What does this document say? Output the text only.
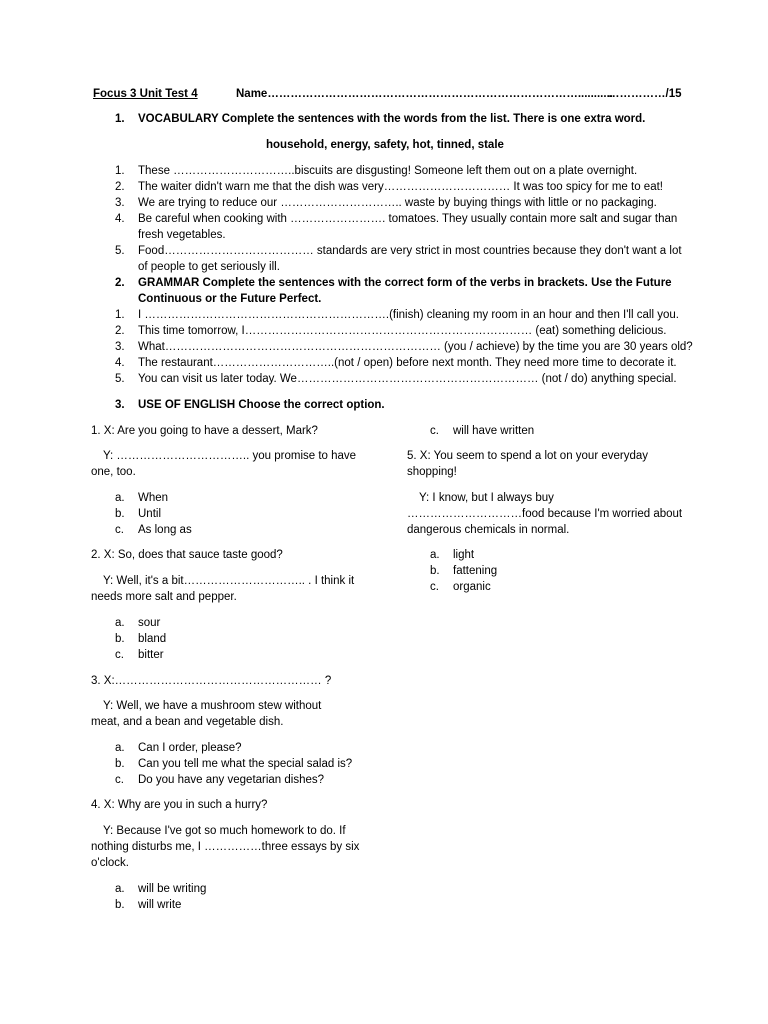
Focus 3 Unit Test 4	Name………………………………………………………………………...........
……………/15
1. VOCABULARY Complete the sentences with the words from the list. There is one extra word.
household, energy, safety, hot, tinned, stale
1. These …………………………..biscuits are disgusting! Someone left them out on a plate overnight.
2. The waiter didn't warn me that the dish was very…………………………… It was too spicy for me to eat!
3. We are trying to reduce our ………………………….. waste by buying things with little or no packaging.
4. Be careful when cooking with ……………………. tomatoes. They usually contain more salt and sugar than
fresh vegetables.
5. Food………………………………… standards are very strict in most countries because they don't want a lot
of people to get seriously ill.
2. GRAMMAR Complete the sentences with the correct form of the verbs in brackets. Use the Future
Continuous or the Future Perfect.
1. I ……………………………………………………….(finish) cleaning my room in an hour and then I'll call you.
2. This time tomorrow, I………………………………………………………………… (eat) something delicious.
3. What……………………………………………………………… (you / achieve) by the time you are 30 years old?
4. The restaurant…………………………..(not / open) before next month. They need more time to decorate it.
5. You can visit us later today. We……………………………………………………… (not / do) anything special.
3. USE OF ENGLISH Choose the correct option.
1. X: Are you going to have a dessert, Mark?
Y: …………………………….. you promise to have
one, too.
a. When
b. Until
c. As long as
2. X: So, does that sauce taste good?
Y: Well, it's a bit………………………….. . I think it
needs more salt and pepper.
a. sour
b. bland
c. bitter
3. X:……………………………………………… ?
Y: Well, we have a mushroom stew without
meat, and a bean and vegetable dish.
a. Can I order, please?
b. Can you tell me what the special salad is?
c. Do you have any vegetarian dishes?
4. X: Why are you in such a hurry?
Y: Because I've got so much homework to do. If
nothing disturbs me, I ……………three essays by six
o'clock.
a. will be writing
b. will write
c. will have written
5. X: You seem to spend a lot on your everyday
shopping!
Y: I know, but I always buy
…………………………food because I'm worried about
dangerous chemicals in normal.
a. light
b. fattening
c. organic
